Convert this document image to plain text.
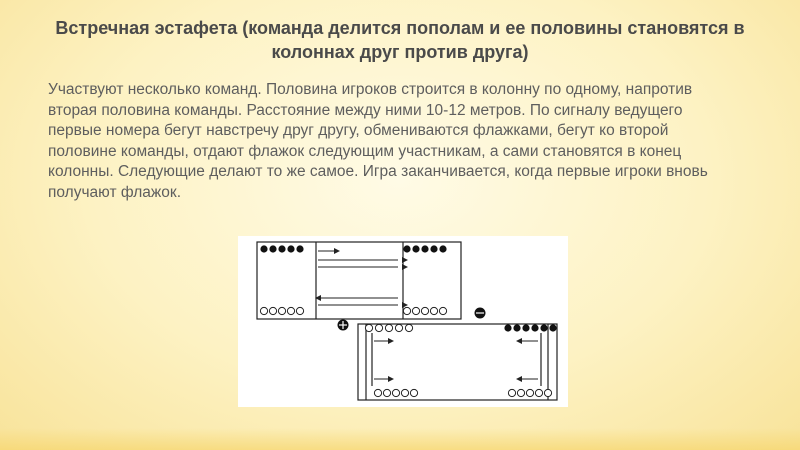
Встречная эстафета (команда делится пополам и ее половины становятся в колоннах друг против друга)
Участвуют несколько команд. Половина игроков строится в колонну по одному, напротив вторая половина команды. Расстояние между ними 10-12 метров. По сигналу ведущего первые номера бегут навстречу друг другу, обмениваются флажками, бегут ко второй половине команды, отдают флажок следующим участникам, а сами становятся в конец колонны. Следующие делают то же самое. Игра заканчивается, когда первые игроки вновь получают флажок.
